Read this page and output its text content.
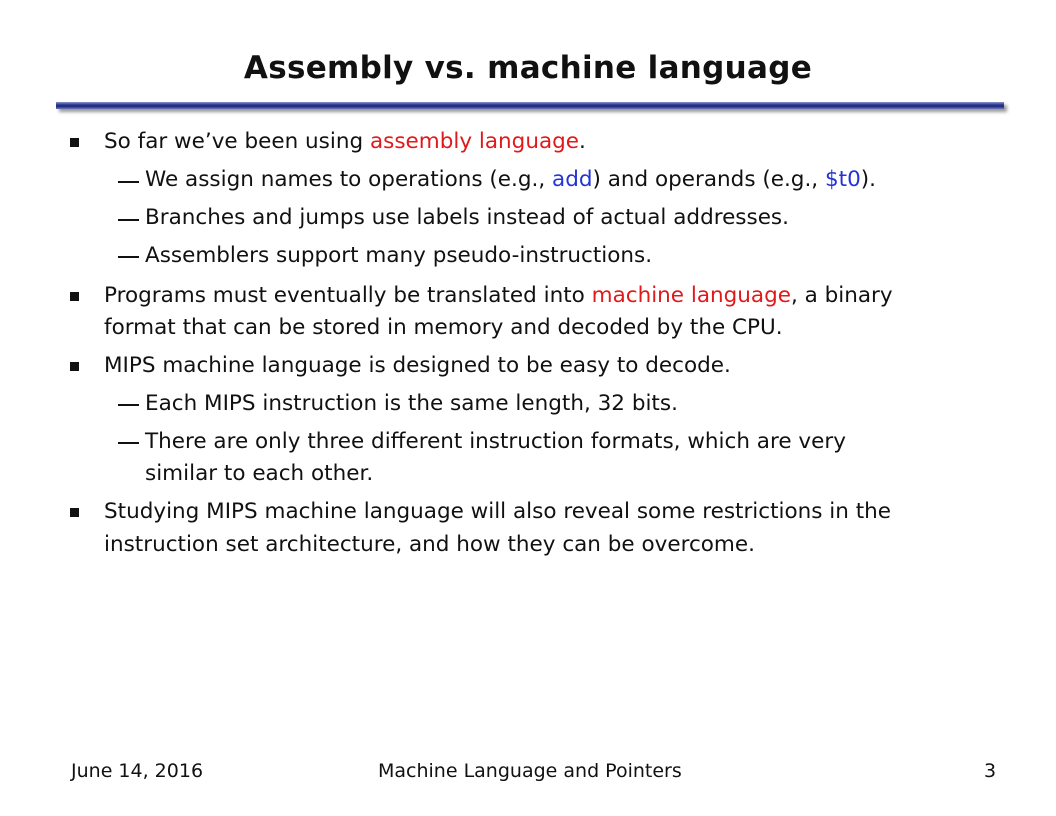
Assembly vs. machine language
So far we’ve been using assembly language.
We assign names to operations (e.g., add) and operands (e.g., $t0).
Branches and jumps use labels instead of actual addresses.
Assemblers support many pseudo-instructions.
Programs must eventually be translated into machine language, a binary
format that can be stored in memory and decoded by the CPU.
MIPS machine language is designed to be easy to decode.
Each MIPS instruction is the same length, 32 bits.
There are only three different instruction formats, which are very
similar to each other.
Studying MIPS machine language will also reveal some restrictions in the
instruction set architecture, and how they can be overcome.
June 14, 2016	Machine Language and Pointers	3
